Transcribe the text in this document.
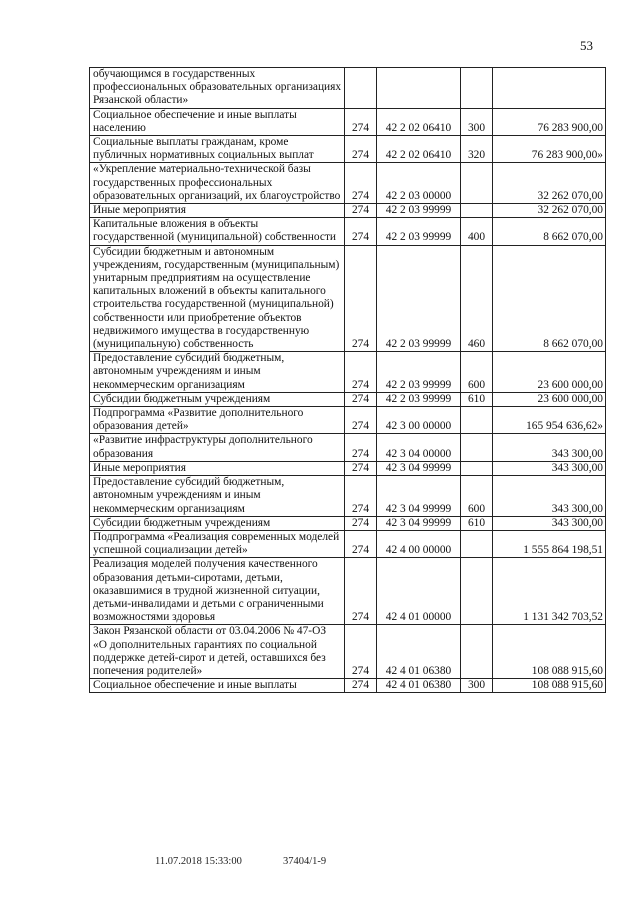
53
обучающимся в государственных профессиональных образовательных организациях Рязанской области»				
Социальное обеспечение и иные выплаты населению	274	42 2 02 06410	300	76 283 900,00
Социальные выплаты гражданам, кроме публичных нормативных социальных выплат	274	42 2 02 06410	320	76 283 900,00»
«Укрепление материально-технической базы государственных профессиональных образовательных организаций, их благоустройство	274	42 2 03 00000		32 262 070,00
Иные мероприятия	274	42 2 03 99999		32 262 070,00
Капитальные вложения в объекты государственной (муниципальной) собственности	274	42 2 03 99999	400	8 662 070,00
Субсидии бюджетным и автономным учреждениям, государственным (муниципальным) унитарным предприятиям на осуществление капитальных вложений в объекты капитального строительства государственной (муниципальной) собственности или приобретение объектов недвижимого имущества в государственную (муниципальную) собственность	274	42 2 03 99999	460	8 662 070,00
Предоставление субсидий бюджетным, автономным учреждениям и иным некоммерческим организациям	274	42 2 03 99999	600	23 600 000,00
Субсидии бюджетным учреждениям	274	42 2 03 99999	610	23 600 000,00
Подпрограмма «Развитие дополнительного образования детей»	274	42 3 00 00000		165 954 636,62»
«Развитие инфраструктуры дополнительного образования	274	42 3 04 00000		343 300,00
Иные мероприятия	274	42 3 04 99999		343 300,00
Предоставление субсидий бюджетным, автономным учреждениям и иным некоммерческим организациям	274	42 3 04 99999	600	343 300,00
Субсидии бюджетным учреждениям	274	42 3 04 99999	610	343 300,00
Подпрограмма «Реализация современных моделей успешной социализации детей»	274	42 4 00 00000		1 555 864 198,51
Реализация моделей получения качественного образования детьми-сиротами, детьми, оказавшимися в трудной жизненной ситуации, детьми-инвалидами и детьми с ограниченными возможностями здоровья	274	42 4 01 00000		1 131 342 703,52
Закон Рязанской области от 03.04.2006 № 47-ОЗ «О дополнительных гарантиях по социальной поддержке детей-сирот и детей, оставшихся без попечения родителей»	274	42 4 01 06380		108 088 915,60
Социальное обеспечение и иные выплаты	274	42 4 01 06380	300	108 088 915,60
11.07.2018 15:33:00	37404/1-9
